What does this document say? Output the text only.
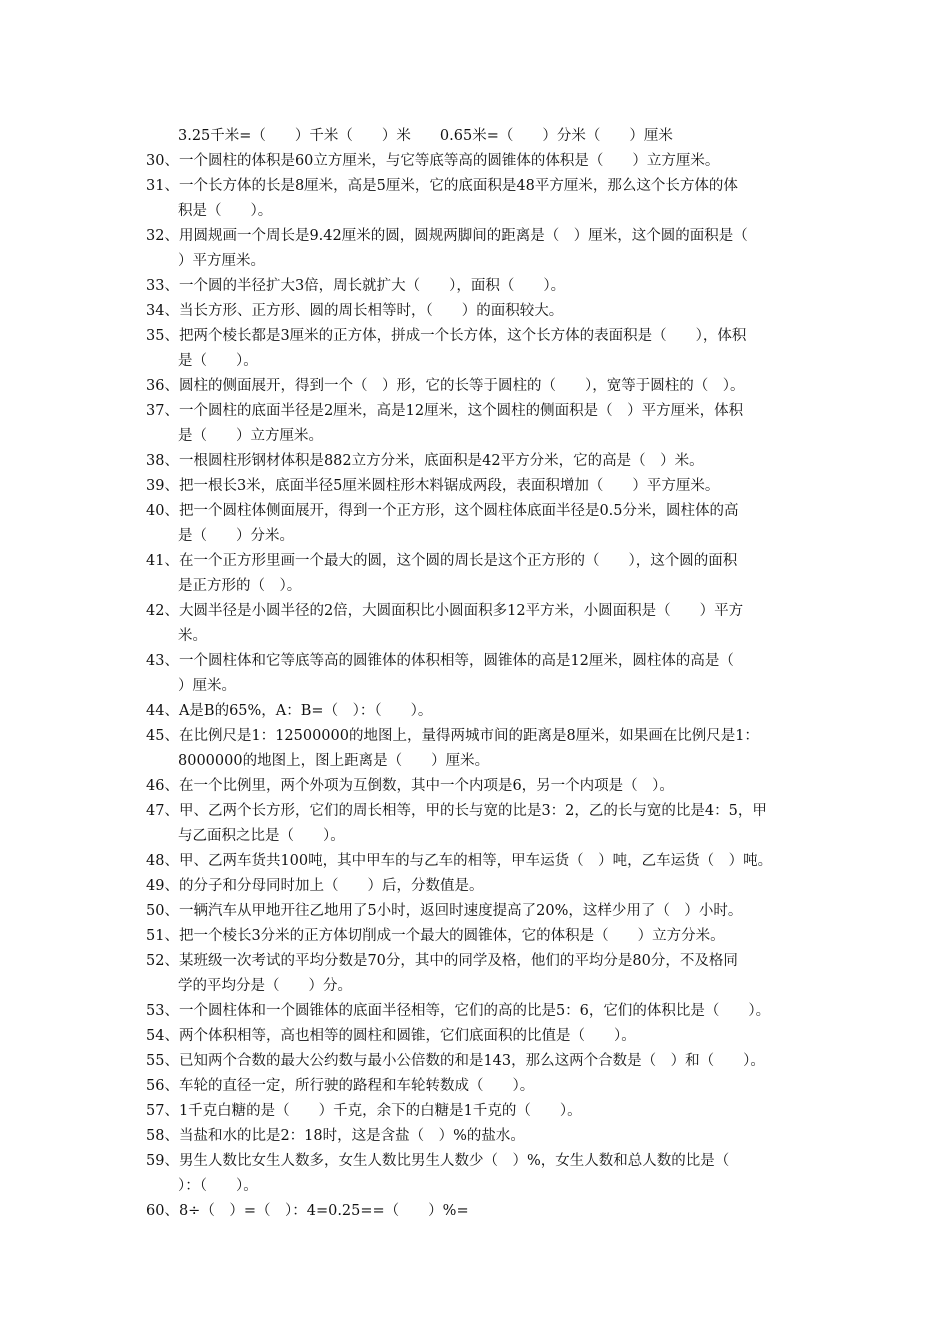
3.25千米=（　　）千米（　　）米　　0.65米=（　　）分米（　　）厘米
30、一个圆柱的体积是60立方厘米，与它等底等高的圆锥体的体积是（　　）立方厘米。
31、一个长方体的长是8厘米，高是5厘米，它的底面积是48平方厘米，那么这个长方体的体
积是（　　）。
32、用圆规画一个周长是9.42厘米的圆，圆规两脚间的距离是（　）厘米，这个圆的面积是（
）平方厘米。
33、一个圆的半径扩大3倍，周长就扩大（　　），面积（　　）。
34、当长方形、正方形、圆的周长相等时，（　　）的面积较大。
35、把两个棱长都是3厘米的正方体，拼成一个长方体，这个长方体的表面积是（　　），体积
是（　　）。
36、圆柱的侧面展开，得到一个（　）形，它的长等于圆柱的（　　），宽等于圆柱的（　）。
37、一个圆柱的底面半径是2厘米，高是12厘米，这个圆柱的侧面积是（　）平方厘米，体积
是（　　）立方厘米。
38、一根圆柱形钢材体积是882立方分米，底面积是42平方分米，它的高是（　）米。
39、把一根长3米，底面半径5厘米圆柱形木料锯成两段，表面积增加（　　）平方厘米。
40、把一个圆柱体侧面展开，得到一个正方形，这个圆柱体底面半径是0.5分米，圆柱体的高
是（　　）分米。
41、在一个正方形里画一个最大的圆，这个圆的周长是这个正方形的（　　），这个圆的面积
是正方形的（　）。
42、大圆半径是小圆半径的2倍，大圆面积比小圆面积多12平方米，小圆面积是（　　）平方
米。
43、一个圆柱体和它等底等高的圆锥体的体积相等，圆锥体的高是12厘米，圆柱体的高是（
）厘米。
44、A是B的65%，A：B=（　）：（　　）。
45、在比例尺是1：12500000的地图上，量得两城市间的距离是8厘米，如果画在比例尺是1：
8000000的地图上，图上距离是（　　）厘米。
46、在一个比例里，两个外项为互倒数，其中一个内项是6，另一个内项是（　）。
47、甲、乙两个长方形，它们的周长相等，甲的长与宽的比是3：2，乙的长与宽的比是4：5，甲
与乙面积之比是（　　）。
48、甲、乙两车货共100吨，其中甲车的与乙车的相等，甲车运货（　）吨，乙车运货（　）吨。
49、的分子和分母同时加上（　　）后，分数值是。
50、一辆汽车从甲地开往乙地用了5小时，返回时速度提高了20%，这样少用了（　）小时。
51、把一个棱长3分米的正方体切削成一个最大的圆锥体，它的体积是（　　）立方分米。
52、某班级一次考试的平均分数是70分，其中的同学及格，他们的平均分是80分，不及格同
学的平均分是（　　）分。
53、一个圆柱体和一个圆锥体的底面半径相等，它们的高的比是5：6，它们的体积比是（　　）。
54、两个体积相等，高也相等的圆柱和圆锥，它们底面积的比值是（　　）。
55、已知两个合数的最大公约数与最小公倍数的和是143，那么这两个合数是（　）和（　　）。
56、车轮的直径一定，所行驶的路程和车轮转数成（　　）。
57、1千克白糖的是（　　）千克，余下的白糖是1千克的（　　）。
58、当盐和水的比是2：18时，这是含盐（　）%的盐水。
59、男生人数比女生人数多，女生人数比男生人数少（　）%，女生人数和总人数的比是（
）：（　　）。
60、8÷（　）=（　）：4=0.25==（　　）%=
